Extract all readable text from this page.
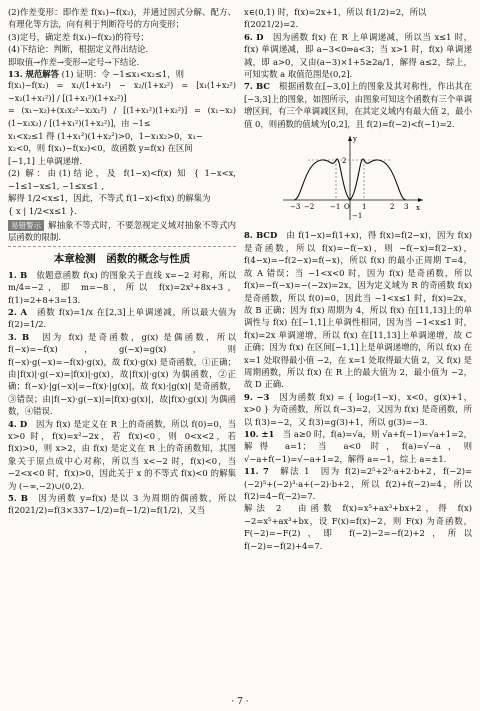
(2)作差变形：即作差 f(x₁)−f(x₂)，并通过因式分解、配方、有理化等方法，向有利于判断符号的方向变形；

(3)定号，确定差 f(x₁)−f(x₂)的符号；

(4)下结论：判断，根据定义得出结论.

即取值→作差→变形→定号→下结论.

13. 规范解答 (1) 证明：令 −1≤x₁<x₂≤1，则

f(x₁)−f(x₂) = x₁/(1+x₁²) − x₂/(1+x₂²) = [x₁(1+x₂²)−x₂(1+x₁²)] / [(1+x₁²)(1+x₂²)]

= (x₁−x₂)+(x₁x₂²−x₂x₁²) / [(1+x₁²)(1+x₂²)] = (x₁−x₂)(1−x₁x₂) / [(1+x₁²)(1+x₂²)]，由 −1≤

x₁<x₂≤1 得 (1+x₁²)(1+x₂²)>0，1−x₁x₂>0，x₁−

x₂<0，则 f(x₁)−f(x₂)<0，故函数 y=f(x) 在区间

[−1,1] 上单调递增.

(2) 解：由(1)结论，及 f(1−x)<f(x) 知 { 1−x<x, −1≤1−x≤1, −1≤x≤1 ,

解得 1/2<x≤1，因此，不等式 f(1−x)<f(x) 的解集为

{ x | 1/2<x≤1 }.

易错警示 解抽象不等式时，不要忽视定义域对抽象不等式内层函数的限制.

本章检测　函数的概念与性质

1. B　 依题意函数 f(x) 的图象关于直线 x=−2 对称，所以 m/4=−2，即 m=−8，所以 f(x)=2x²+8x+3，f(1)=2+8+3=13.

2. A　 函数 f(x)=1/x 在[2,3]上单调递减，所以最大值为 f(2)=1/2.

3. B　 因为 f(x) 是奇函数，g(x) 是偶函数，所以 f(−x)=−f(x)，g(−x)=g(x)，则 f(−x)·g(−x)=−f(x)·g(x)，故 f(x)·g(x) 是奇函数，①正确；由|f(x)|·g(−x)=|f(x)|·g(x)，故|f(x)|·g(x) 为偶函数，②正确；f(−x)·|g(−x)|=−f(x)·|g(x)|，故 f(x)·|g(x)| 是奇函数，③错误；由|f(−x)·g(−x)|=|f(x)·g(x)|，故|f(x)·g(x)| 为偶函数，④错误.

4. D　 因为 f(x) 是定义在 R 上的奇函数，所以 f(0)=0，当 x>0 时，f(x)=x²−2x，若 f(x)<0，则 0<x<2，若 f(x)>0，则 x>2，由 f(x) 是定义在 R 上的奇函数知，其图象关于原点成中心对称，所以当 x<−2 时，f(x)<0，当 −2<x<0 时，f(x)>0，因此关于 x 的不等式 f(x)<0 的解集为 (−∞,−2)∪(0,2).

5. B　 因为函数 y=f(x) 是以 3 为周期的偶函数，所以 f(2021/2)=f(3×337−1/2)=f(−1/2)=f(1/2)，又当

x∈(0,1) 时，f(x)=2x+1，所以 f(1/2)=2，所以

f(2021/2)=2.

6. D　 因为函数 f(x) 在 R 上单调递减，所以当 x≤1 时，f(x) 单调递减，即 a−3<0⇒a<3；当 x>1 时，f(x) 单调递减，即 a>0，又由(a−3)×1+5≥2a/1，解得 a≤2，综上，可知实数 a 取值范围是(0,2].

7. BC　 根据函数在[−3,0]上的图象及其对称性，作出其在[−3,3]上的图象，如图所示，由图象可知这个函数有三个单调增区间，有三个单调减区间，在其定义域内有最大值 2，最小值 0，则函数的值域为[0,2]，且 f(2)=f(−2)<f(−1)=2.

x
y
2
−1
−3 −2 −1 O 1	2 3

8. BCD　 由 f(1−x)=f(1+x)，得 f(x)=f(2−x)，因为 f(x) 是奇函数，所以 f(x)=−f(−x)，则 −f(−x)=f(2−x)，f(4−x)=−f(2−x)=f(−x)，所以 f(x) 的最小正周期 T=4，故 A 错误；当 −1<x<0 时，因为 f(x) 是奇函数，所以 f(x)=−f(−x)=−(−2x)=2x，因为定义域为 R 的奇函数 f(x) 是奇函数，所以 f(0)=0，因此当 −1<x≤1 时，f(x)=2x，故 B 正确；因为 f(x) 周期为 4，所以 f(x) 在[11,13]上的单调性与 f(x) 在[−1,1]上单调性相同，因为当 −1<x≤1 时，f(x)=2x 单调递增，所以 f(x) 在[11,13]上单调递增，故 C 正确；因为 f(x) 在区间[−1,1]上是单调递增的，所以 f(x) 在 x=1 处取得最小值 −2，在 x=1 处取得最大值 2，又 f(x) 是周期函数，所以 f(x) 在 R 上的最大值为 2，最小值为 −2，故 D 正确.

9. −3　 因为函数 f(x) = { log₂(1−x)，x<0，g(x)+1，x>0 } 为奇函数，所以 f(−3)=2，又因为 f(x) 是奇函数，所以 f(3)=−2，又 f(3)=g(3)+1，所以 g(3)=−3.

10. ±1　 当 a≥0 时，f(a)=√a，则 √a+f(−1)=√a+1=2，解得 a=1；当 a<0 时，f(a)=√−a，则 √−a+f(−1)=√−a+1=2，解得 a=−1，综上 a=±1.

11. 7　 解法 1　因为 f(2)=2⁵+2³·a+2·b+2，f(−2)=(−2)⁵+(−2)³·a+(−2)·b+2，所以 f(2)+f(−2)=4，所以 f(2)=4−f(−2)=7.

解法 2　由函数 f(x)=x⁵+ax³+bx+2，得 f(x)−2=x⁵+ax³+bx，设 F(x)=f(x)−2，则 F(x) 为奇函数，F(−2)=−F(2)，即 f(−2)−2=−f(2)+2，所以 f(−2)=−f(2)+4=7.

· 7 ·
